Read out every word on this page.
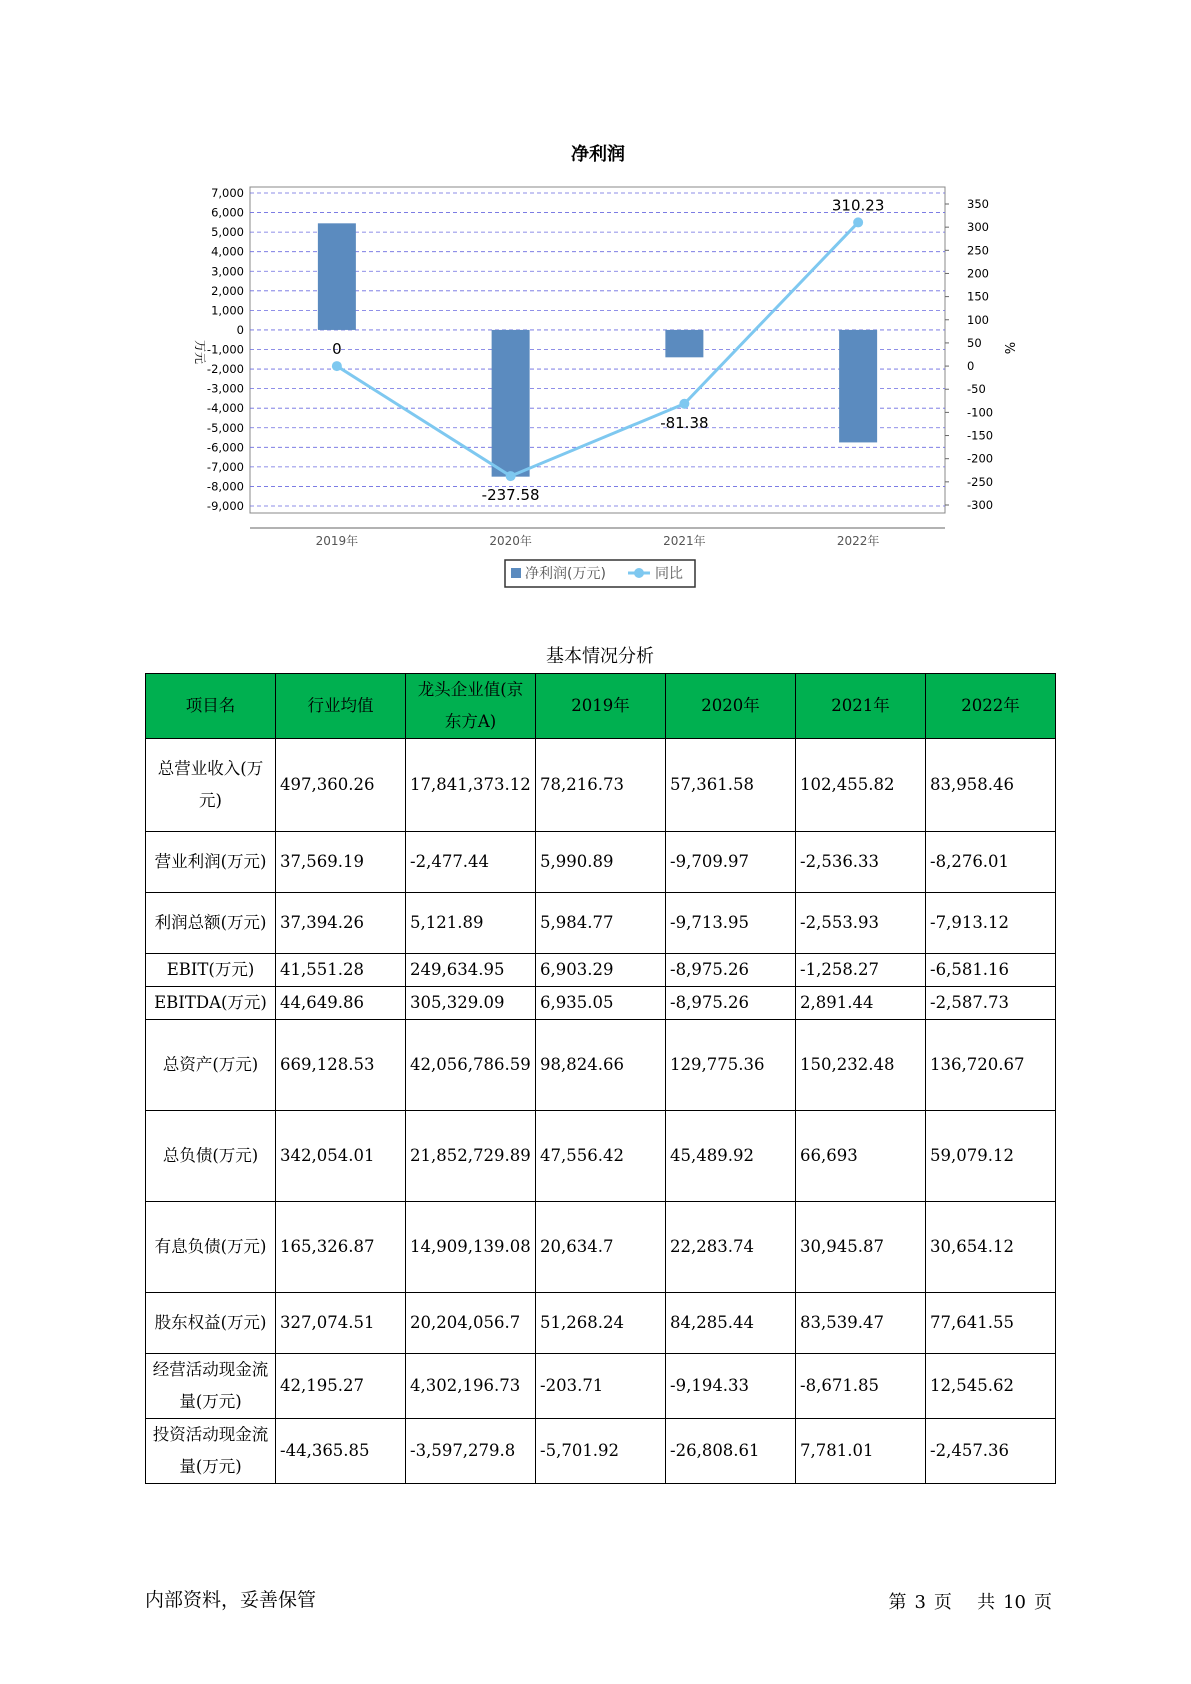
净利润
7,000
6,000
5,000
4,000
3,000
2,000
1,000
0
-1,000
-2,000
-3,000
-4,000
-5,000
-6,000
-7,000
-8,000
-9,000
350
300
250
200
150
100
50
0
-50
-100
-150
-200
-250
-300
万元	%
2019年	2020年	2021年	2022年
0
-237.58
-81.38
310.23
净利润(万元)	同比
基本情况分析
项目名	行业均值	龙头企业值(京东方A)	2019年	2020年	2021年	2022年
总营业收入(万元)	497,360.26	17,841,373.12	78,216.73	57,361.58	102,455.82	83,958.46
营业利润(万元)	37,569.19	-2,477.44	5,990.89	-9,709.97	-2,536.33	-8,276.01
利润总额(万元)	37,394.26	5,121.89	5,984.77	-9,713.95	-2,553.93	-7,913.12
EBIT(万元)	41,551.28	249,634.95	6,903.29	-8,975.26	-1,258.27	-6,581.16
EBITDA(万元)	44,649.86	305,329.09	6,935.05	-8,975.26	2,891.44	-2,587.73
总资产(万元)	669,128.53	42,056,786.59	98,824.66	129,775.36	150,232.48	136,720.67
总负债(万元)	342,054.01	21,852,729.89	47,556.42	45,489.92	66,693	59,079.12
有息负债(万元)	165,326.87	14,909,139.08	20,634.7	22,283.74	30,945.87	30,654.12
股东权益(万元)	327,074.51	20,204,056.7	51,268.24	84,285.44	83,539.47	77,641.55
经营活动现金流量(万元)	42,195.27	4,302,196.73	-203.71	-9,194.33	-8,671.85	12,545.62
投资活动现金流量(万元)	-44,365.85	-3,597,279.8	-5,701.92	-26,808.61	7,781.01	-2,457.36
内部资料，妥善保管	第 3 页 共 10 页
